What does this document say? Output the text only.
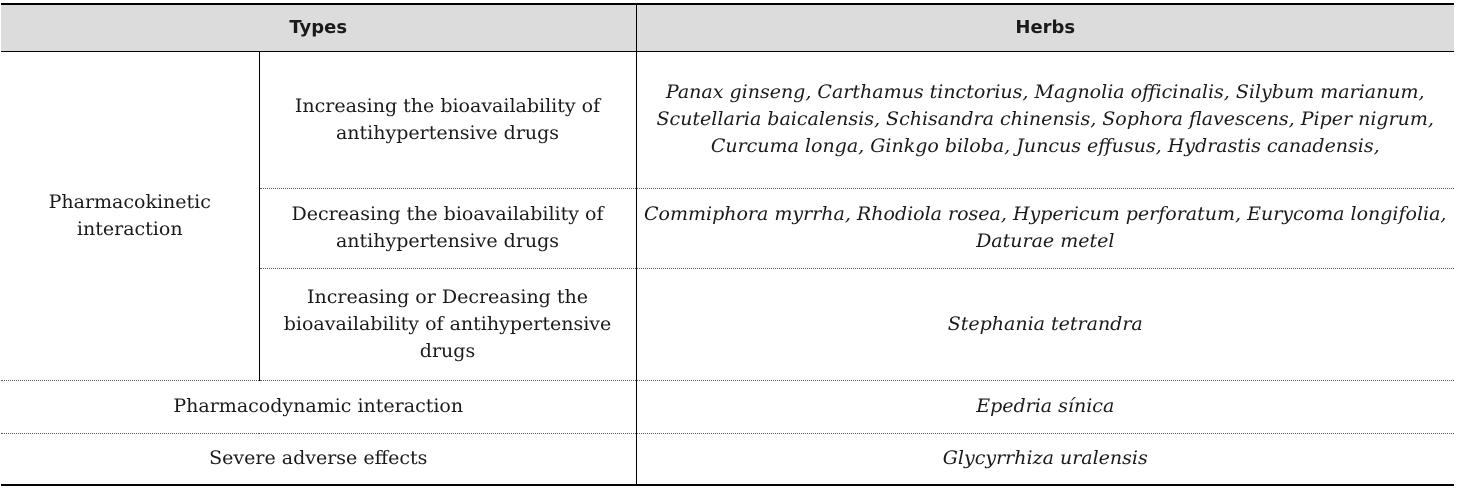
Types		Herbs
Pharmacokinetic interaction	Increasing the bioavailability of antihypertensive drugs	Panax ginseng, Carthamus tinctorius, Magnolia officinalis, Silybum marianum, Scutellaria baicalensis, Schisandra chinensis, Sophora flavescens, Piper nigrum, Curcuma longa, Ginkgo biloba, Juncus effusus, Hydrastis canadensis,
	Decreasing the bioavailability of antihypertensive drugs	Commiphora myrrha, Rhodiola rosea, Hypericum perforatum, Eurycoma longifolia, Daturae metel
	Increasing or Decreasing the bioavailability of antihypertensive drugs	Stephania tetrandra
Pharmacodynamic interaction		Epedria sínica
Severe adverse effects		Glycyrrhiza uralensis
